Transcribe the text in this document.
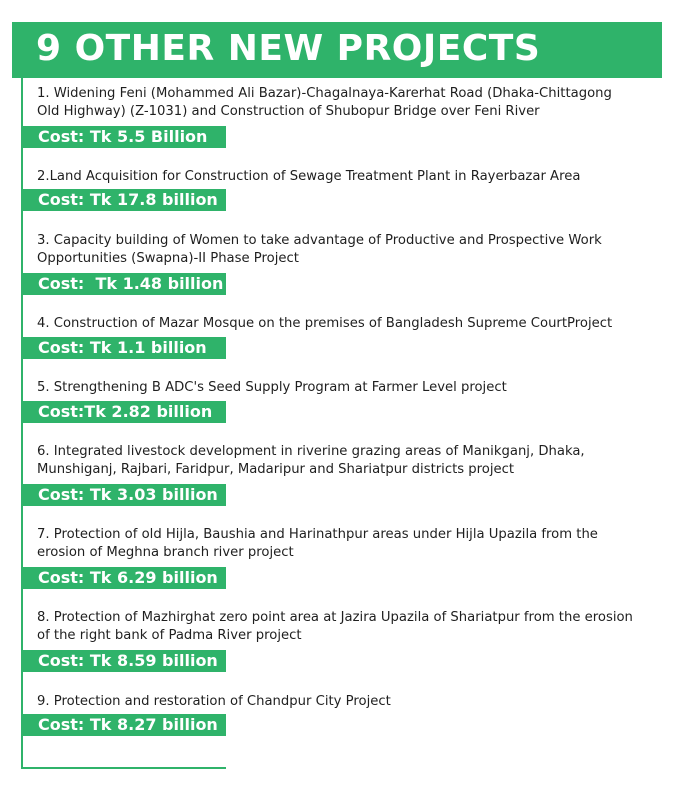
9 OTHER NEW PROJECTS
1. Widening Feni (Mohammed Ali Bazar)-Chagalnaya-Karerhat Road (Dhaka-Chittagong Old Highway) (Z-1031) and Construction of Shubopur Bridge over Feni River
Cost: Tk 5.5 Billion
2.Land Acquisition for Construction of Sewage Treatment Plant in Rayerbazar Area
Cost: Tk 17.8 billion
3. Capacity building of Women to take advantage of Productive and Prospective Work Opportunities (Swapna)-II Phase Project
Cost:  Tk 1.48 billion
4. Construction of Mazar Mosque on the premises of Bangladesh Supreme CourtProject
Cost: Tk 1.1 billion
5. Strengthening B ADC's Seed Supply Program at Farmer Level project
Cost:Tk 2.82 billion
6. Integrated livestock development in riverine grazing areas of Manikganj, Dhaka, Munshiganj, Rajbari, Faridpur, Madaripur and Shariatpur districts project
Cost: Tk 3.03 billion
7. Protection of old Hijla, Baushia and Harinathpur areas under Hijla Upazila from the erosion of Meghna branch river project
Cost: Tk 6.29 billion
8. Protection of Mazhirghat zero point area at Jazira Upazila of Shariatpur from the erosion of the right bank of Padma River project
Cost: Tk 8.59 billion
9. Protection and restoration of Chandpur City Project
Cost: Tk 8.27 billion
